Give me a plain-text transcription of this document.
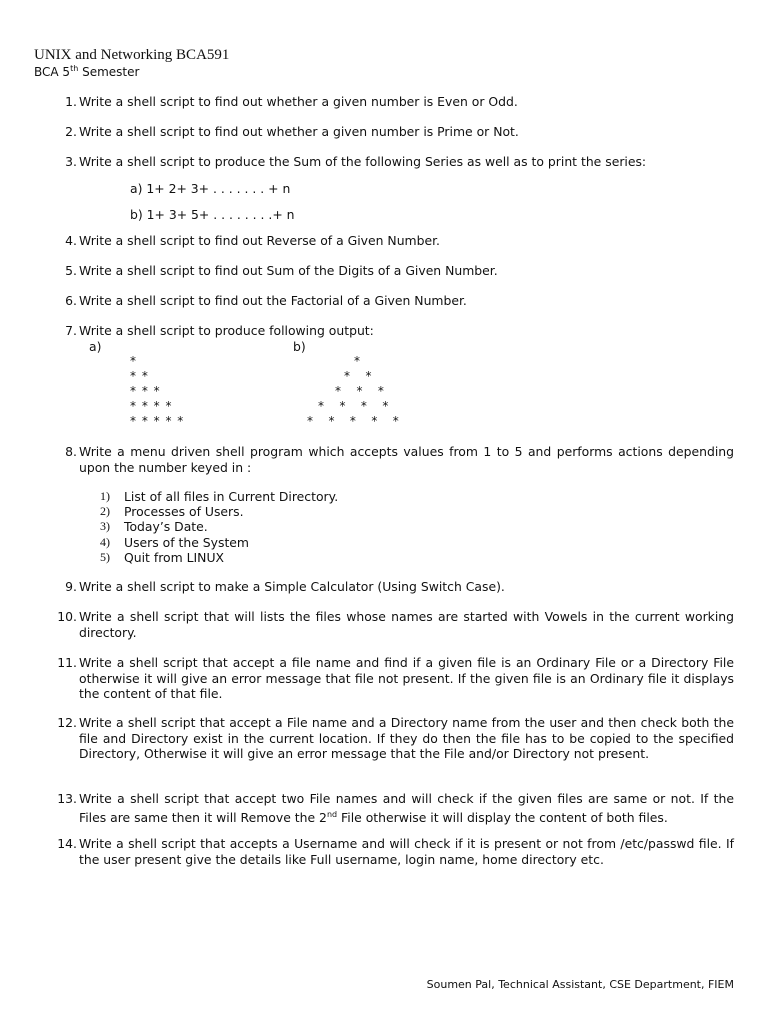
UNIX and Networking BCA591
BCA 5th Semester
1. Write a shell script to find out whether a given number is Even or Odd.
2. Write a shell script to find out whether a given number is Prime or Not.
3. Write a shell script to produce the Sum of the following Series as well as to print the series:
a) 1+ 2+ 3+ . . . . . . . + n
b) 1+ 3+ 5+ . . . . . . . .+ n
4. Write a shell script to find out Reverse of a Given Number.
5. Write a shell script to find out Sum of the Digits of a Given Number.
6. Write a shell script to find out the Factorial of a Given Number.
7. Write a shell script to produce following output:
a)	b)
*
* *
* * *
* * * *
* * * * *
*
*   *
*   *   *
*   *   *   *
*   *   *   *   *
8. Write a menu driven shell program which accepts values from 1 to 5 and performs actions depending upon the number keyed in :
1) List of all files in Current Directory.
2) Processes of Users.
3) Today’s Date.
4) Users of the System
5) Quit from LINUX
9. Write a shell script to make a Simple Calculator (Using Switch Case).
10. Write a shell script that will lists the files whose names are started with Vowels in the current working directory.
11. Write a shell script that accept a file name and find if a given file is an Ordinary File or a Directory File otherwise it will give an error message that file not present. If the given file is an Ordinary file it displays the content of that file.
12. Write a shell script that accept a File name and a Directory name from the user and then check both the file and Directory exist in the current location. If they do then the file has to be copied to the specified Directory, Otherwise it will give an error message that the File and/or Directory not present.
13. Write a shell script that accept two File names and will check if the given files are same or not. If the Files are same then it will Remove the 2nd File otherwise it will display the content of both files.
14. Write a shell script that accepts a Username and will check if it is present or not from /etc/passwd file. If the user present give the details like Full username, login name, home directory etc.
Soumen Pal, Technical Assistant, CSE Department, FIEM
